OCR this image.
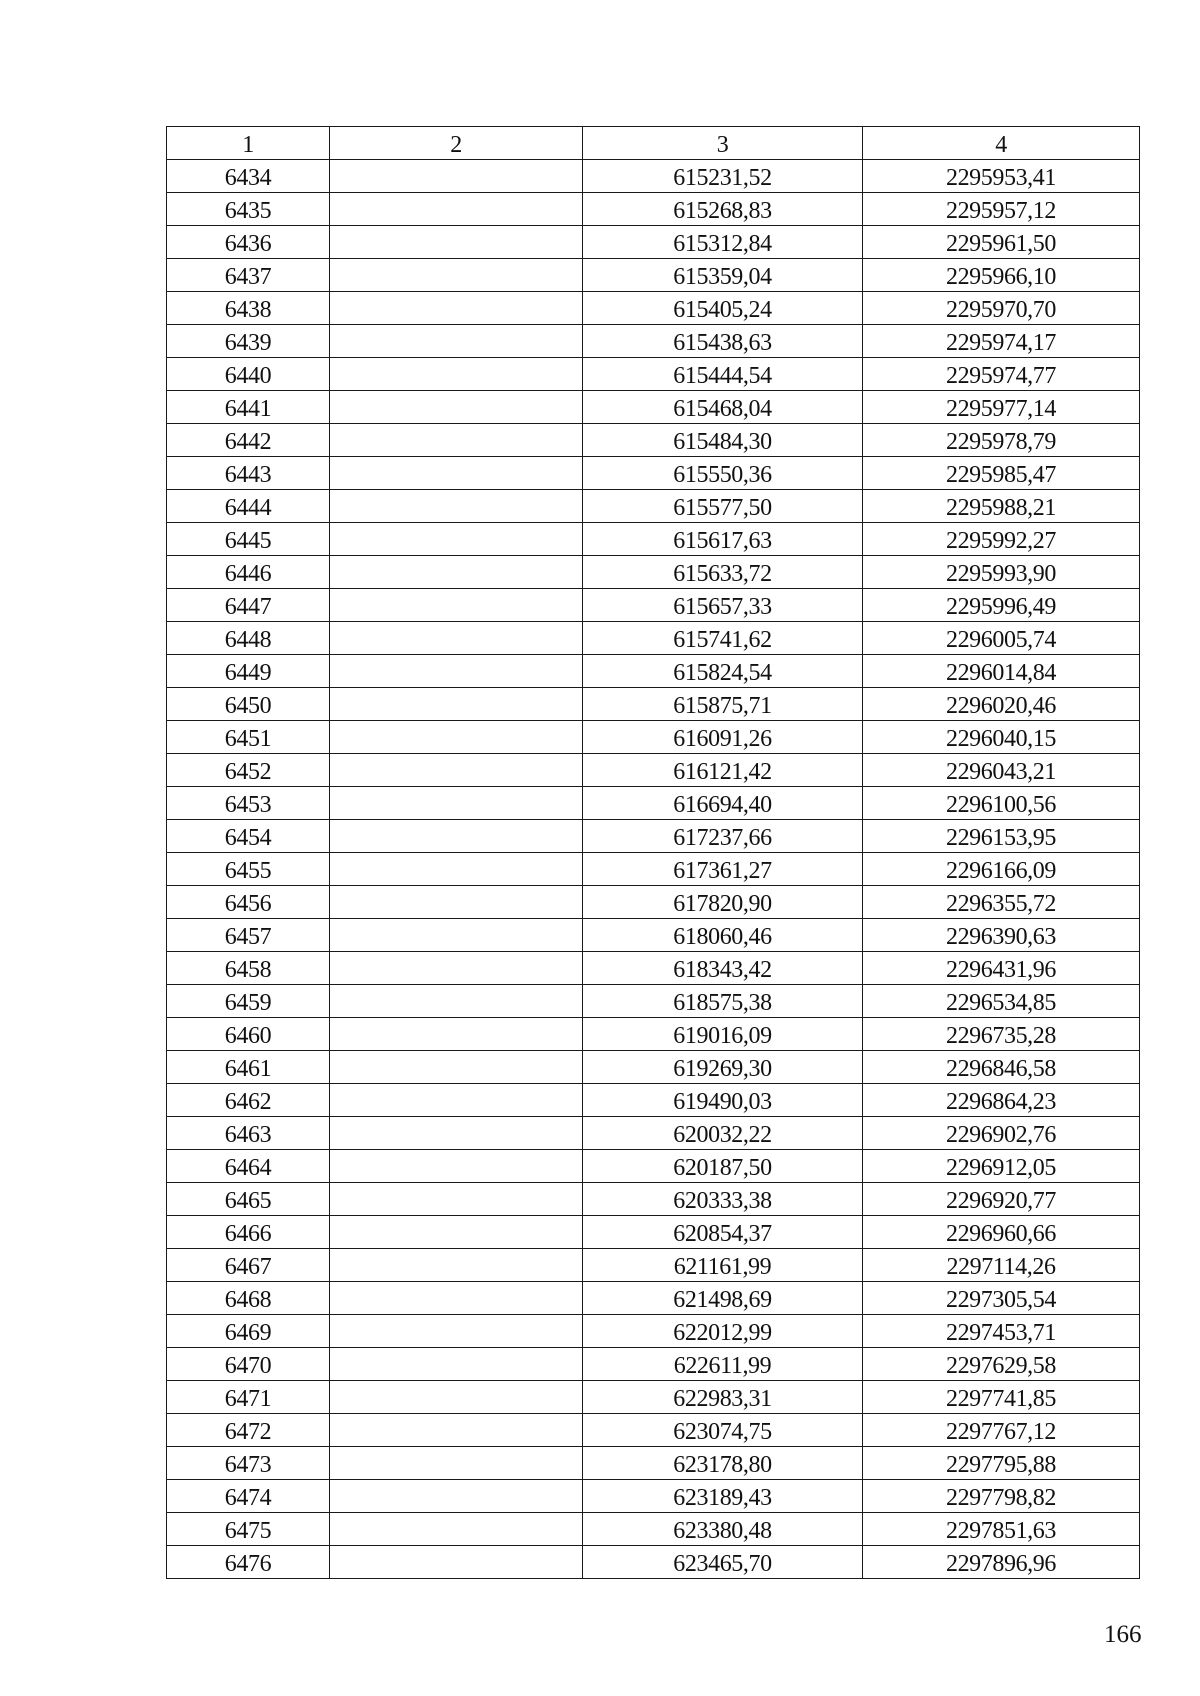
1	2	3	4
6434		615231,52	2295953,41
6435		615268,83	2295957,12
6436		615312,84	2295961,50
6437		615359,04	2295966,10
6438		615405,24	2295970,70
6439		615438,63	2295974,17
6440		615444,54	2295974,77
6441		615468,04	2295977,14
6442		615484,30	2295978,79
6443		615550,36	2295985,47
6444		615577,50	2295988,21
6445		615617,63	2295992,27
6446		615633,72	2295993,90
6447		615657,33	2295996,49
6448		615741,62	2296005,74
6449		615824,54	2296014,84
6450		615875,71	2296020,46
6451		616091,26	2296040,15
6452		616121,42	2296043,21
6453		616694,40	2296100,56
6454		617237,66	2296153,95
6455		617361,27	2296166,09
6456		617820,90	2296355,72
6457		618060,46	2296390,63
6458		618343,42	2296431,96
6459		618575,38	2296534,85
6460		619016,09	2296735,28
6461		619269,30	2296846,58
6462		619490,03	2296864,23
6463		620032,22	2296902,76
6464		620187,50	2296912,05
6465		620333,38	2296920,77
6466		620854,37	2296960,66
6467		621161,99	2297114,26
6468		621498,69	2297305,54
6469		622012,99	2297453,71
6470		622611,99	2297629,58
6471		622983,31	2297741,85
6472		623074,75	2297767,12
6473		623178,80	2297795,88
6474		623189,43	2297798,82
6475		623380,48	2297851,63
6476		623465,70	2297896,96
166
